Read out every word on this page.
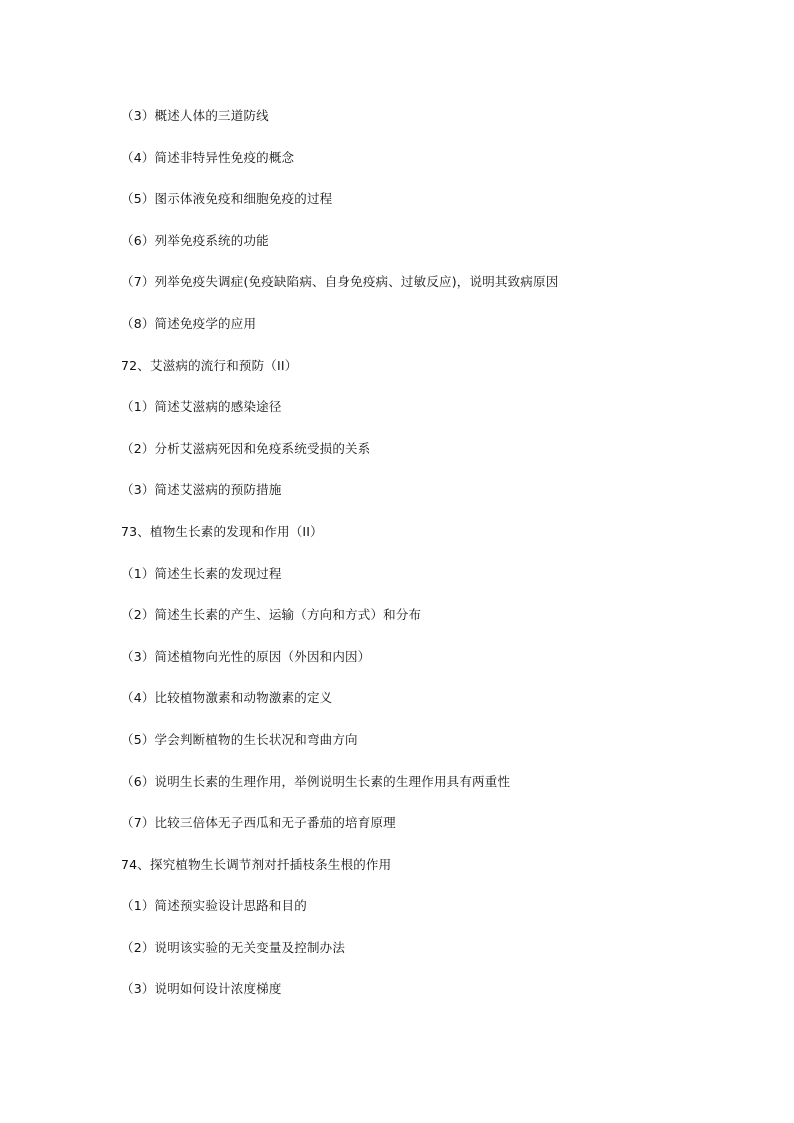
（3）概述人体的三道防线
（4）简述非特异性免疫的概念
（5）图示体液免疫和细胞免疫的过程
（6）列举免疫系统的功能
（7）列举免疫失调症(免疫缺陷病、自身免疫病、过敏反应)，说明其致病原因
（8）简述免疫学的应用
72、艾滋病的流行和预防（II）
（1）简述艾滋病的感染途径
（2）分析艾滋病死因和免疫系统受损的关系
（3）简述艾滋病的预防措施
73、植物生长素的发现和作用（II）
（1）简述生长素的发现过程
（2）简述生长素的产生、运输（方向和方式）和分布
（3）简述植物向光性的原因（外因和内因）
（4）比较植物激素和动物激素的定义
（5）学会判断植物的生长状况和弯曲方向
（6）说明生长素的生理作用，举例说明生长素的生理作用具有两重性
（7）比较三倍体无子西瓜和无子番茄的培育原理
74、探究植物生长调节剂对扦插枝条生根的作用
（1）简述预实验设计思路和目的
（2）说明该实验的无关变量及控制办法
（3）说明如何设计浓度梯度
